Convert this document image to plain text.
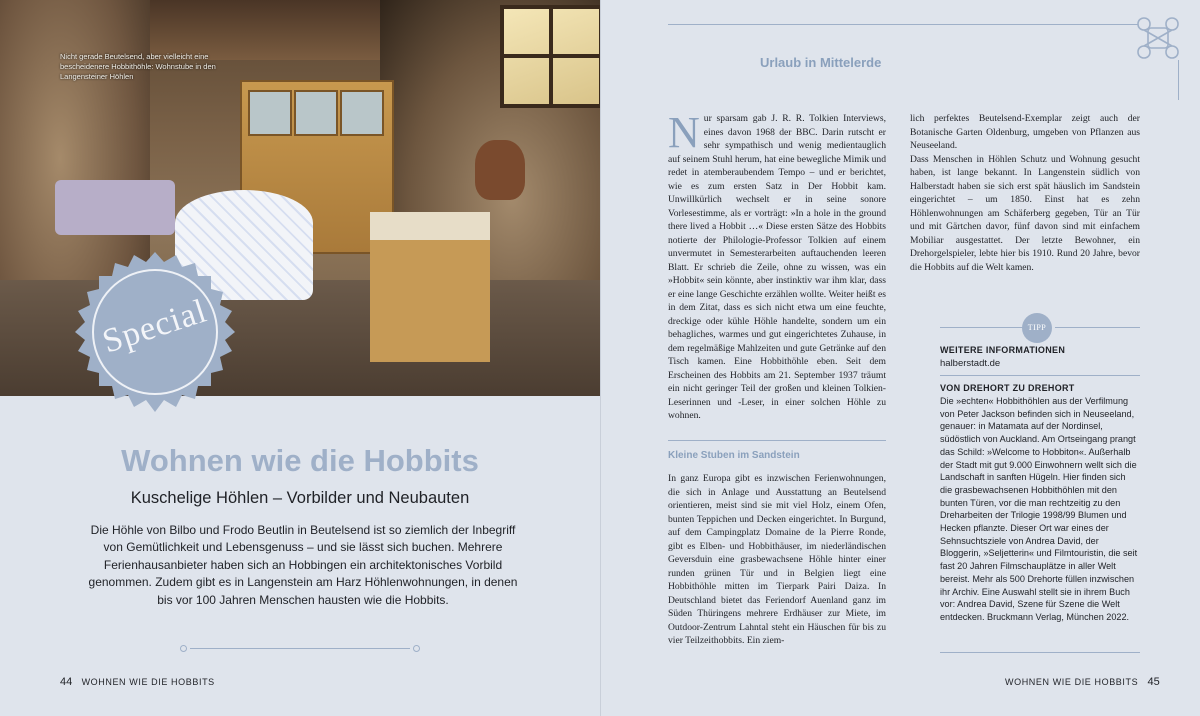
Nicht gerade Beutelsend, aber vielleicht eine bescheidenere Hobbithöhle: Wohnstube in den Langensteiner Höhlen
Special
Wohnen wie die Hobbits
Kuschelige Höhlen – Vorbilder und Neubauten
Die Höhle von Bilbo und Frodo Beutlin in Beutelsend ist so ziemlich der Inbegriff von Gemütlichkeit und Lebensgenuss – und sie lässt sich buchen. Mehrere Ferienhausanbieter haben sich an Hobbingen ein architektonisches Vorbild genommen. Zudem gibt es in Langenstein am Harz Höhlenwohnungen, in denen bis vor 100 Jahren Menschen hausten wie die Hobbits.
44 WOHNEN WIE DIE HOBBITS
Urlaub in Mittelerde

Nur sparsam gab J. R. R. Tolkien Interviews, eines davon 1968 der BBC. Darin rutscht er sehr sympathisch und wenig medientauglich auf seinem Stuhl herum, hat eine bewegliche Mimik und redet in atemberaubendem Tempo – und er berichtet, wie es zum ersten Satz in Der Hobbit kam. Unwillkürlich wechselt er in seine sonore Vorlesestimme, als er vorträgt: »In a hole in the ground there lived a Hobbit …« Diese ersten Sätze des Hobbits notierte der Philologie-Professor Tolkien auf einem unvermutet in Semesterarbeiten auftauchenden leeren Blatt. Er schrieb die Zeile, ohne zu wissen, was ein »Hobbit« sein könnte, aber instinktiv war ihm klar, dass er eine lange Geschichte erzählen wollte. Weiter heißt es in dem Zitat, dass es sich nicht etwa um eine feuchte, dreckige oder kühle Höhle handelte, sondern um ein behagliches, warmes und gut eingerichtetes Zuhause, in dem regelmäßige Mahlzeiten und gute Getränke auf den Tisch kamen. Eine Hobbithöhle eben. Seit dem Erscheinen des Hobbits am 21. September 1937 träumt ein nicht geringer Teil der großen und kleinen Tolkien-Leserinnen und -Leser, in einer solchen Höhle zu wohnen.

Kleine Stuben im Sandstein

In ganz Europa gibt es inzwischen Ferienwohnungen, die sich in Anlage und Ausstattung an Beutelsend orientieren, meist sind sie mit viel Holz, einem Ofen, bunten Teppichen und Decken eingerichtet. In Burgund, auf dem Campingplatz Domaine de la Pierre Ronde, gibt es Elben- und Hobbithäuser, im niederländischen Geversduin eine grasbewachsene Höhle hinter einer runden grünen Tür und in Belgien liegt eine Hobbithöhle mitten im Tierpark Pairi Daiza. In Deutschland bietet das Feriendorf Auenland ganz im Süden Thüringens mehrere Erdhäuser zur Miete, im Outdoor-Zentrum Lahntal steht ein Häuschen für bis zu vier Teilzeithobbits. Ein ziem-

lich perfektes Beutelsend-Exemplar zeigt auch der Botanische Garten Oldenburg, umgeben von Pflanzen aus Neuseeland.

Dass Menschen in Höhlen Schutz und Wohnung gesucht haben, ist lange bekannt. In Langenstein südlich von Halberstadt haben sie sich erst spät häuslich im Sandstein eingerichtet – um 1850. Einst hat es zehn Höhlenwohnungen am Schäferberg gegeben, Tür an Tür und mit Gärtchen davor, fünf davon sind mit einfachem Mobiliar ausgestattet. Der letzte Bewohner, ein Drehorgelspieler, lebte hier bis 1910. Rund 20 Jahre, bevor die Hobbits auf die Welt kamen.

TIPP
WEITERE INFORMATIONEN
halberstadt.de
VON DREHORT ZU DREHORT

Die »echten« Hobbithöhlen aus der Verfilmung von Peter Jackson befinden sich in Neuseeland, genauer: in Matamata auf der Nordinsel, südöstlich von Auckland. Am Ortseingang prangt das Schild: »Welcome to Hobbiton«. Außerhalb der Stadt mit gut 9.000 Einwohnern wellt sich die Landschaft in sanften Hügeln. Hier finden sich die grasbewachsenen Hobbithöhlen mit den bunten Türen, vor die man rechtzeitig zu den Dreharbeiten der Trilogie 1998/99 Blumen und Hecken pflanzte. Dieser Ort war eines der Sehnsuchtsziele von Andrea David, der Bloggerin, »Seljetterin« und Filmtouristin, die seit fast 20 Jahren Filmschauplätze in aller Welt bereist. Mehr als 500 Drehorte füllen inzwischen ihr Archiv. Eine Auswahl stellt sie in ihrem Buch vor: Andrea David, Szene für Szene die Welt entdecken. Bruckmann Verlag, München 2022.

WOHNEN WIE DIE HOBBITS 45
